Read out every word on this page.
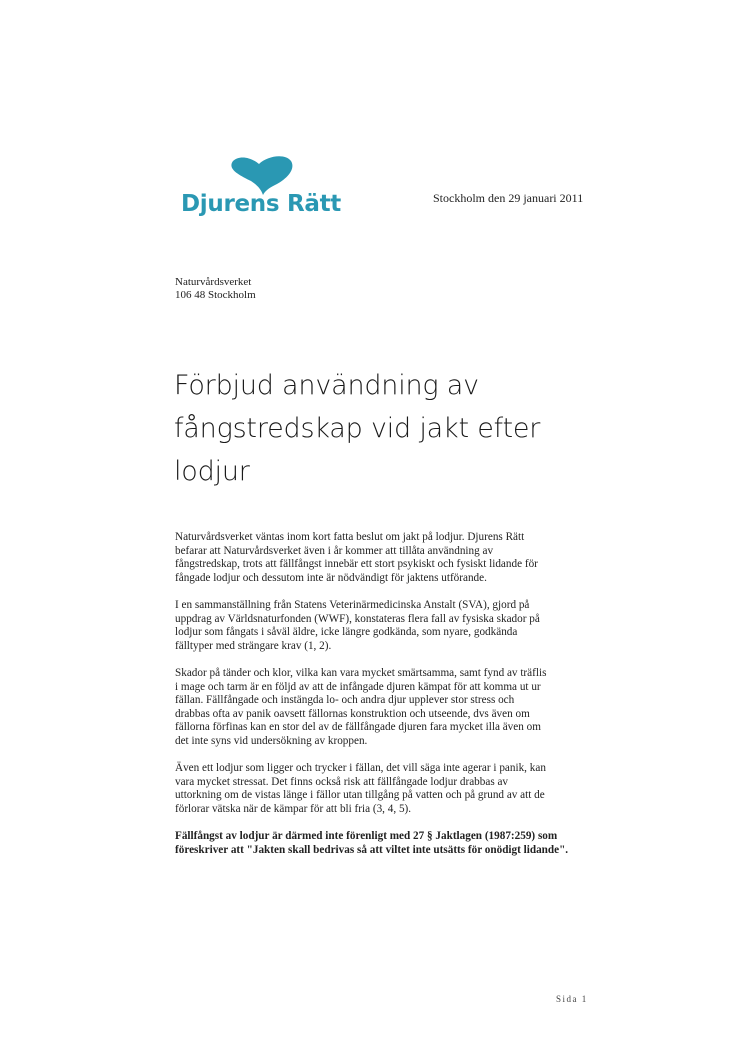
Djurens Rätt	Stockholm den 29 januari 2011
Naturvårdsverket
106 48 Stockholm
Förbjud användning av
fångstredskap vid jakt efter
lodjur
Naturvårdsverket väntas inom kort fatta beslut om jakt på lodjur. Djurens Rätt
befarar att Naturvårdsverket även i år kommer att tillåta användning av
fångstredskap, trots att fällfångst innebär ett stort psykiskt och fysiskt lidande för
fångade lodjur och dessutom inte är nödvändigt för jaktens utförande.
I en sammanställning från Statens Veterinärmedicinska Anstalt (SVA), gjord på
uppdrag av Världsnaturfonden (WWF), konstateras flera fall av fysiska skador på
lodjur som fångats i såväl äldre, icke längre godkända, som nyare, godkända
fälltyper med strängare krav (1, 2).
Skador på tänder och klor, vilka kan vara mycket smärtsamma, samt fynd av träflis
i mage och tarm är en följd av att de infångade djuren kämpat för att komma ut ur
fällan. Fällfångade och instängda lo- och andra djur upplever stor stress och
drabbas ofta av panik oavsett fällornas konstruktion och utseende, dvs även om
fällorna förfinas kan en stor del av de fällfångade djuren fara mycket illa även om
det inte syns vid undersökning av kroppen.
Även ett lodjur som ligger och trycker i fällan, det vill säga inte agerar i panik, kan
vara mycket stressat. Det finns också risk att fällfångade lodjur drabbas av
uttorkning om de vistas länge i fällor utan tillgång på vatten och på grund av att de
förlorar vätska när de kämpar för att bli fria (3, 4, 5).
Fällfångst av lodjur är därmed inte förenligt med 27 § Jaktlagen (1987:259) som
föreskriver att "Jakten skall bedrivas så att viltet inte utsätts för onödigt lidande".
Sida 1
